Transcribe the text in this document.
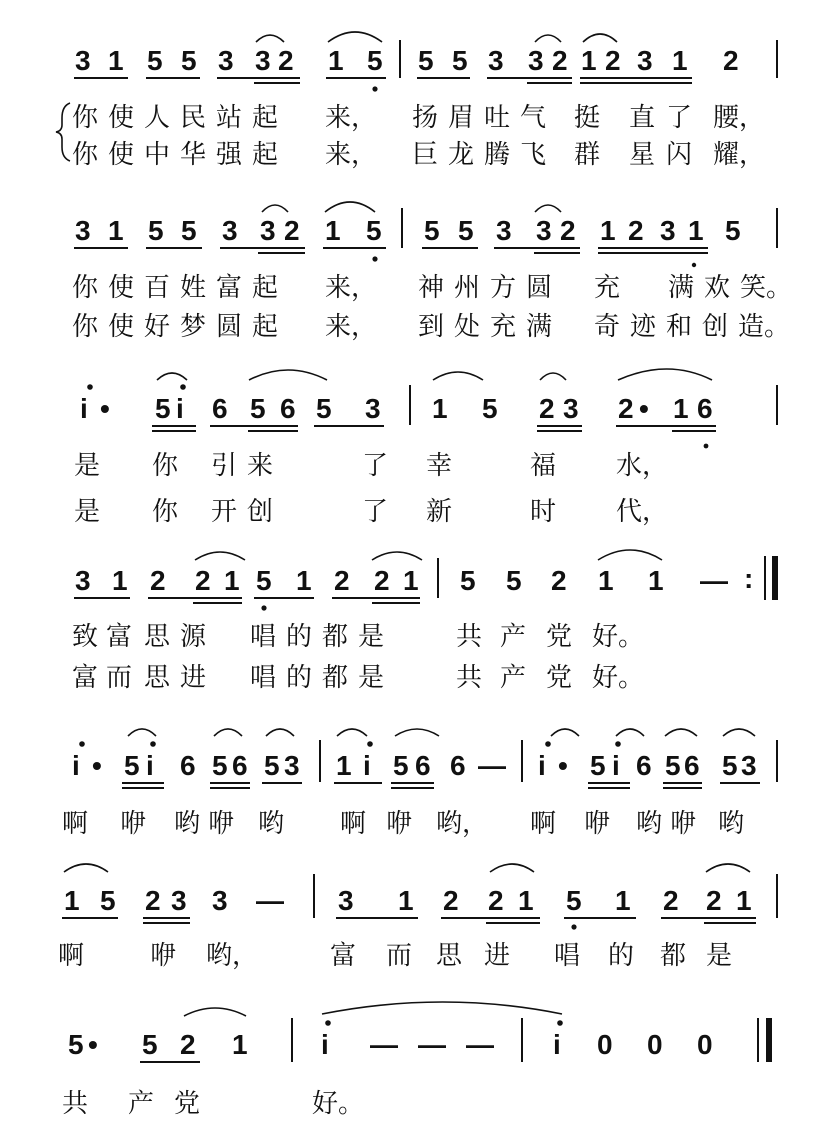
3 1 5 5 3 3 2 1 5 5 5 3 3 2 1 2 3 1 2
你 使 人 民 站 起 来， 扬 眉 吐 气 挺 直 了 腰，
你 使 中 华 强 起 来， 巨 龙 腾 飞 群 星 闪 耀，
3 1 5 5 3 3 2 1 5 5 5 3 3 2 1 2 3 1 5
你 使 百 姓 富 起 来， 神 州 方 圆 充 满 欢 笑。
你 使 好 梦 圆 起 来， 到 处 充 满 奇 迹 和 创 造。
i • 5 i 6 5 6 5 3 1 5 2 3 2 • 1 6
是 你 引 来	了 幸	福 水，
是 你 开 创	了 新	时 代，
3 1 2 2 1 5 1 2 2 1 5 5 2 1 1 — :
致 富 思 源 唱 的 都 是	共 产 党 好。
富 而 思 进 唱 的 都 是	共 产 党 好。
i • 5 i 6 5 6 5 3 1 i 5 6 6 — i • 5 i 6 5 6 5 3
啊 咿 哟 咿 哟 啊 咿 哟， 啊 咿 哟 咿 哟
1 5 2 3 3 — 3 1 2 2 1 5 1 2 2 1
啊	咿 哟，	富 而 思 进 唱 的 都 是
5 • 5 2 1	i — — — i 0 0 0
共 产 党	好。
